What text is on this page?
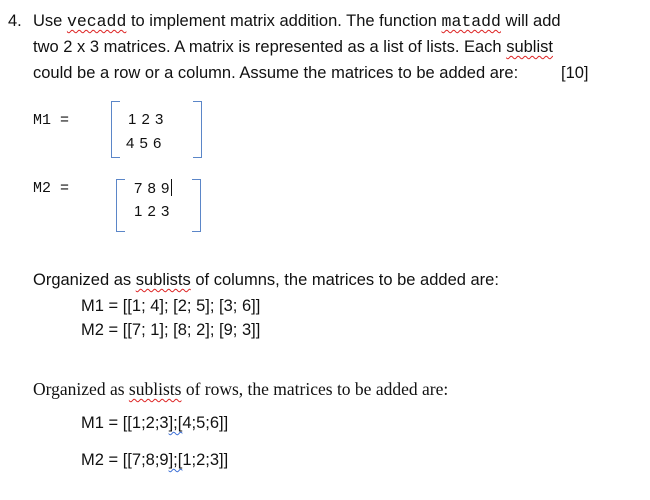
4. Use vecadd to implement matrix addition. The function matadd will add
two 2 x 3 matrices. A matrix is represented as a list of lists. Each sublist
could be a row or a column. Assume the matrices to be added are:	[10]
M1 =	1 2 3
4 5 6
M2 =	7 8 9
1 2 3
Organized as sublists of columns, the matrices to be added are:
M1 = [[1; 4]; [2; 5]; [3; 6]]
M2 = [[7; 1]; [8; 2]; [9; 3]]
Organized as sublists of rows, the matrices to be added are:
M1 = [[1;2;3];[4;5;6]]
M2 = [[7;8;9];[1;2;3]]
